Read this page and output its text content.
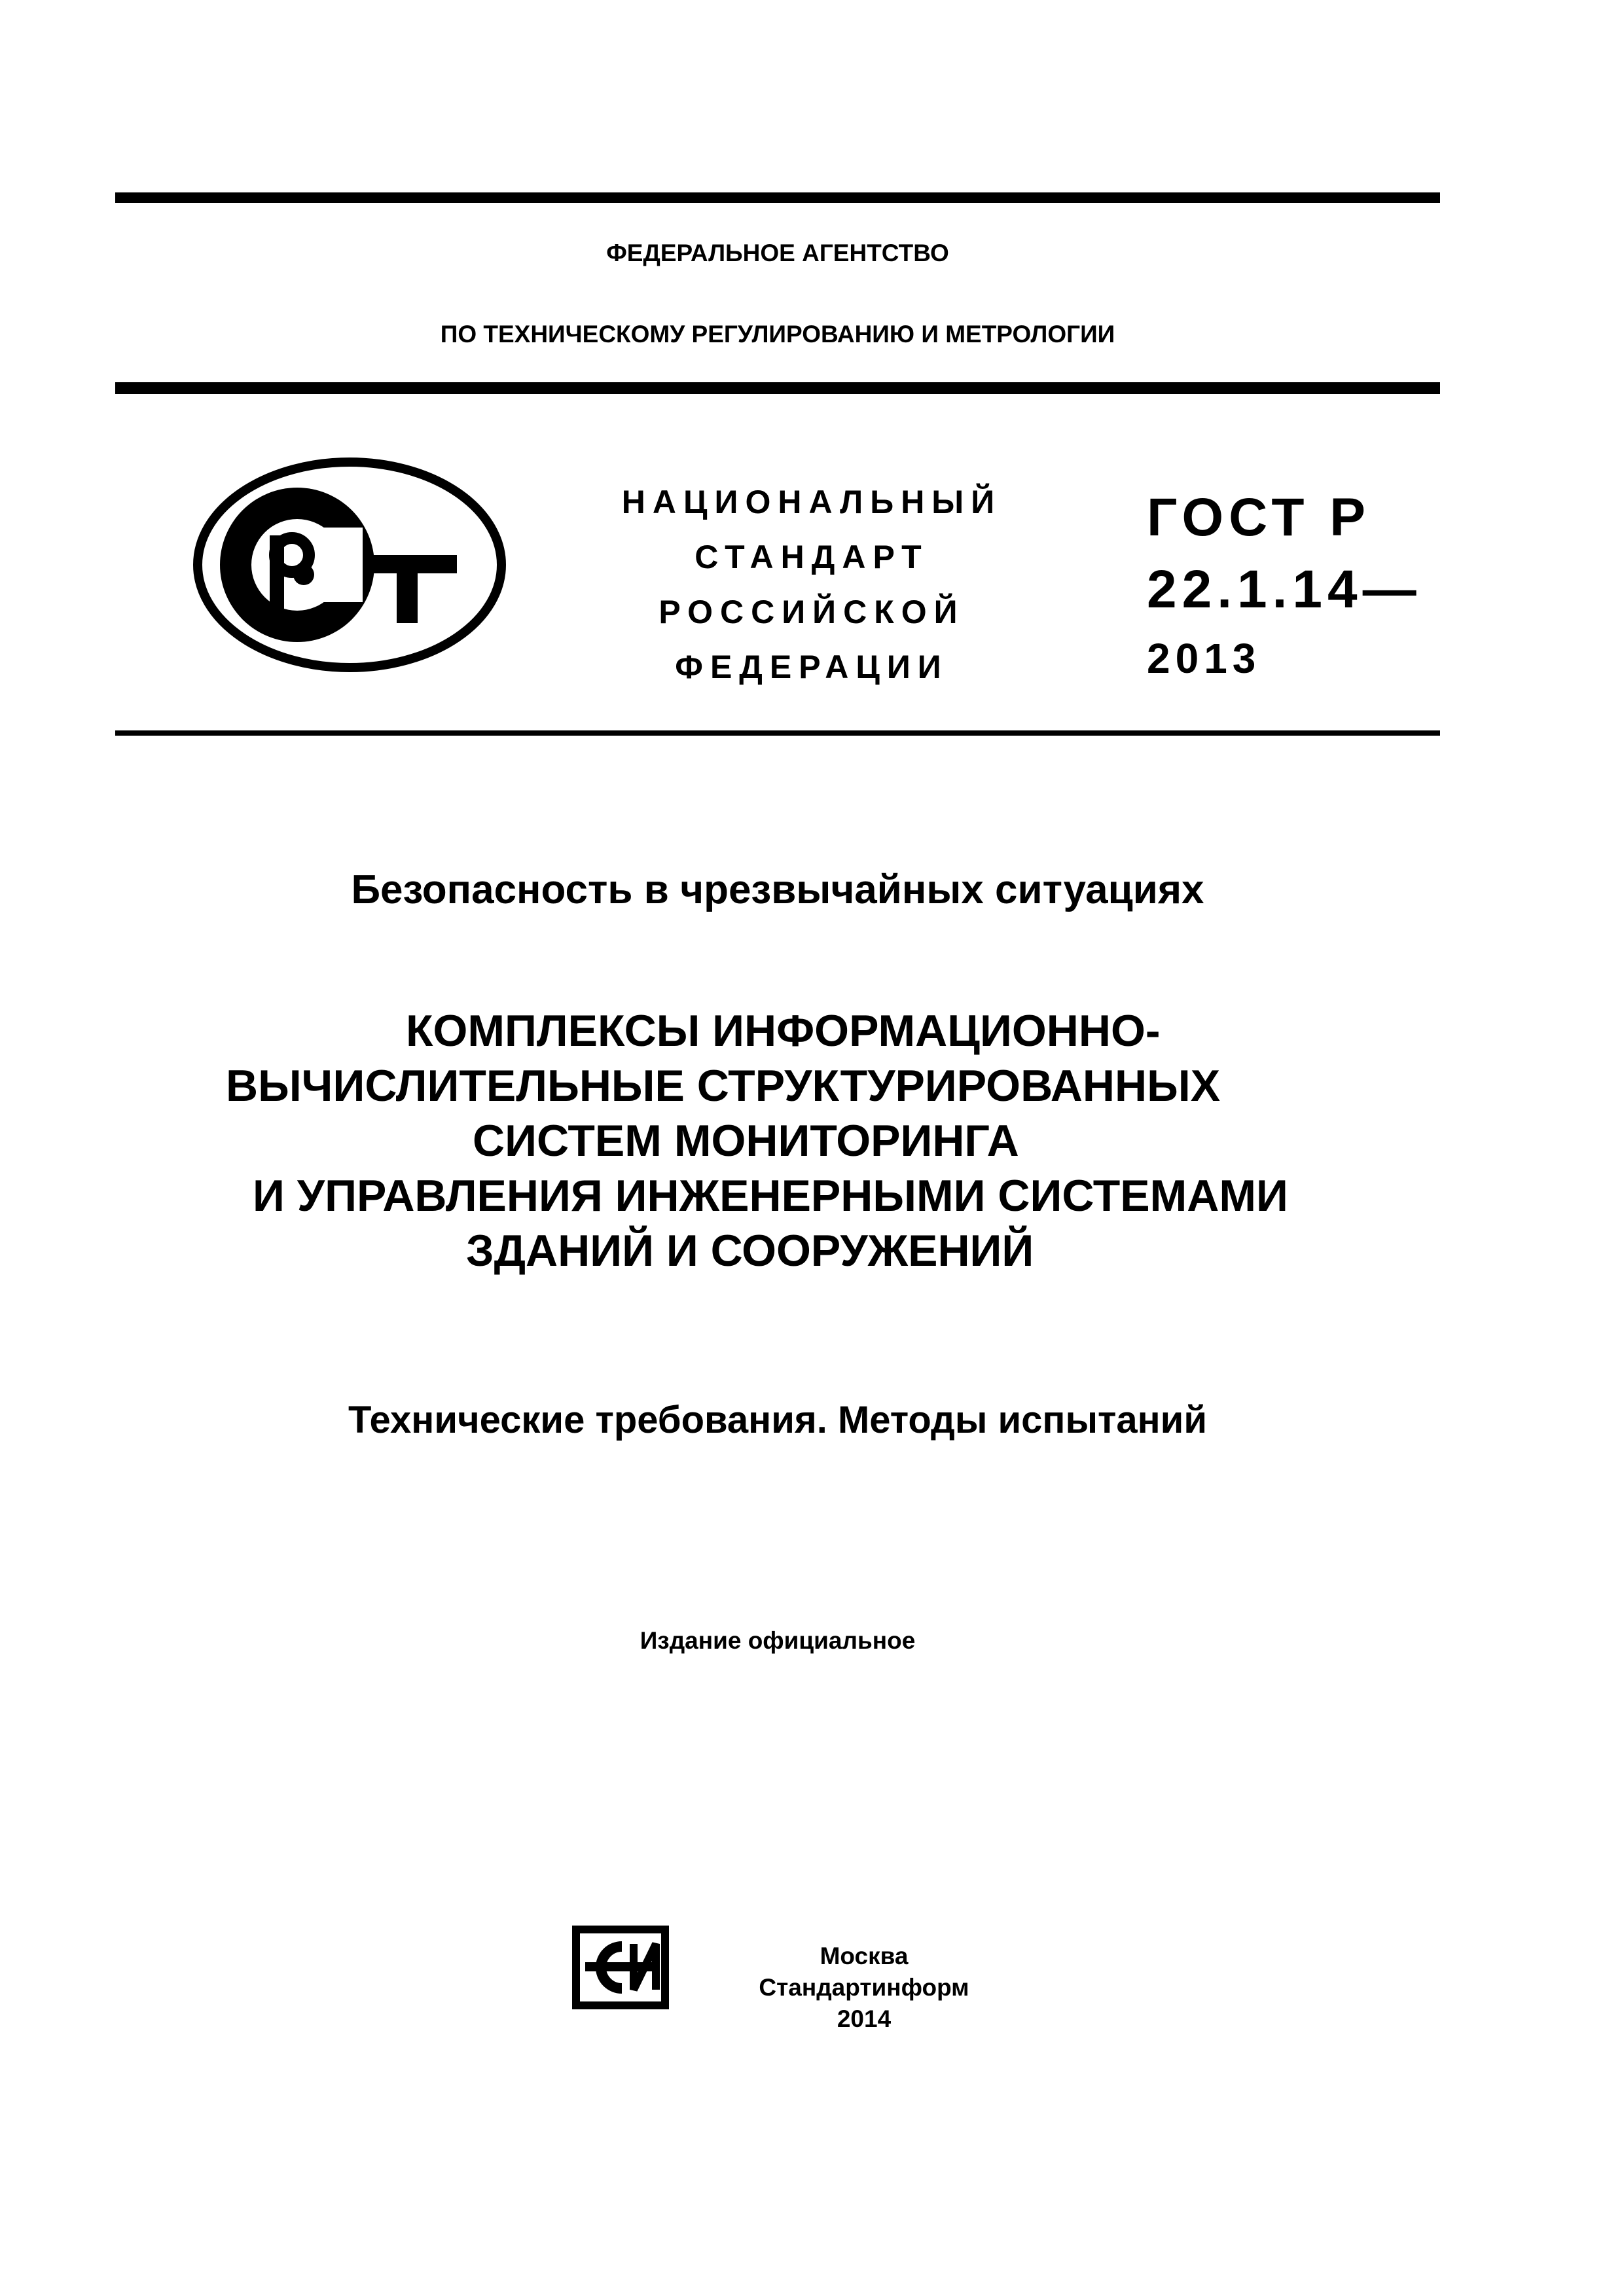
ФЕДЕРАЛЬНОЕ АГЕНТСТВО
ПО ТЕХНИЧЕСКОМУ РЕГУЛИРОВАНИЮ И МЕТРОЛОГИИ
НАЦИОНАЛЬНЫЙ
СТАНДАРТ
РОССИЙСКОЙ
ФЕДЕРАЦИИ
ГОСТ Р
22.1.14—
2013
Безопасность в чрезвычайных ситуациях
КОМПЛЕКСЫ ИНФОРМАЦИОННО-
ВЫЧИСЛИТЕЛЬНЫЕ СТРУКТУРИРОВАННЫХ
СИСТЕМ МОНИТОРИНГА
И УПРАВЛЕНИЯ ИНЖЕНЕРНЫМИ СИСТЕМАМИ
ЗДАНИЙ И СООРУЖЕНИЙ
Технические требования. Методы испытаний
Издание официальное
Москва
Стандартинформ
2014
